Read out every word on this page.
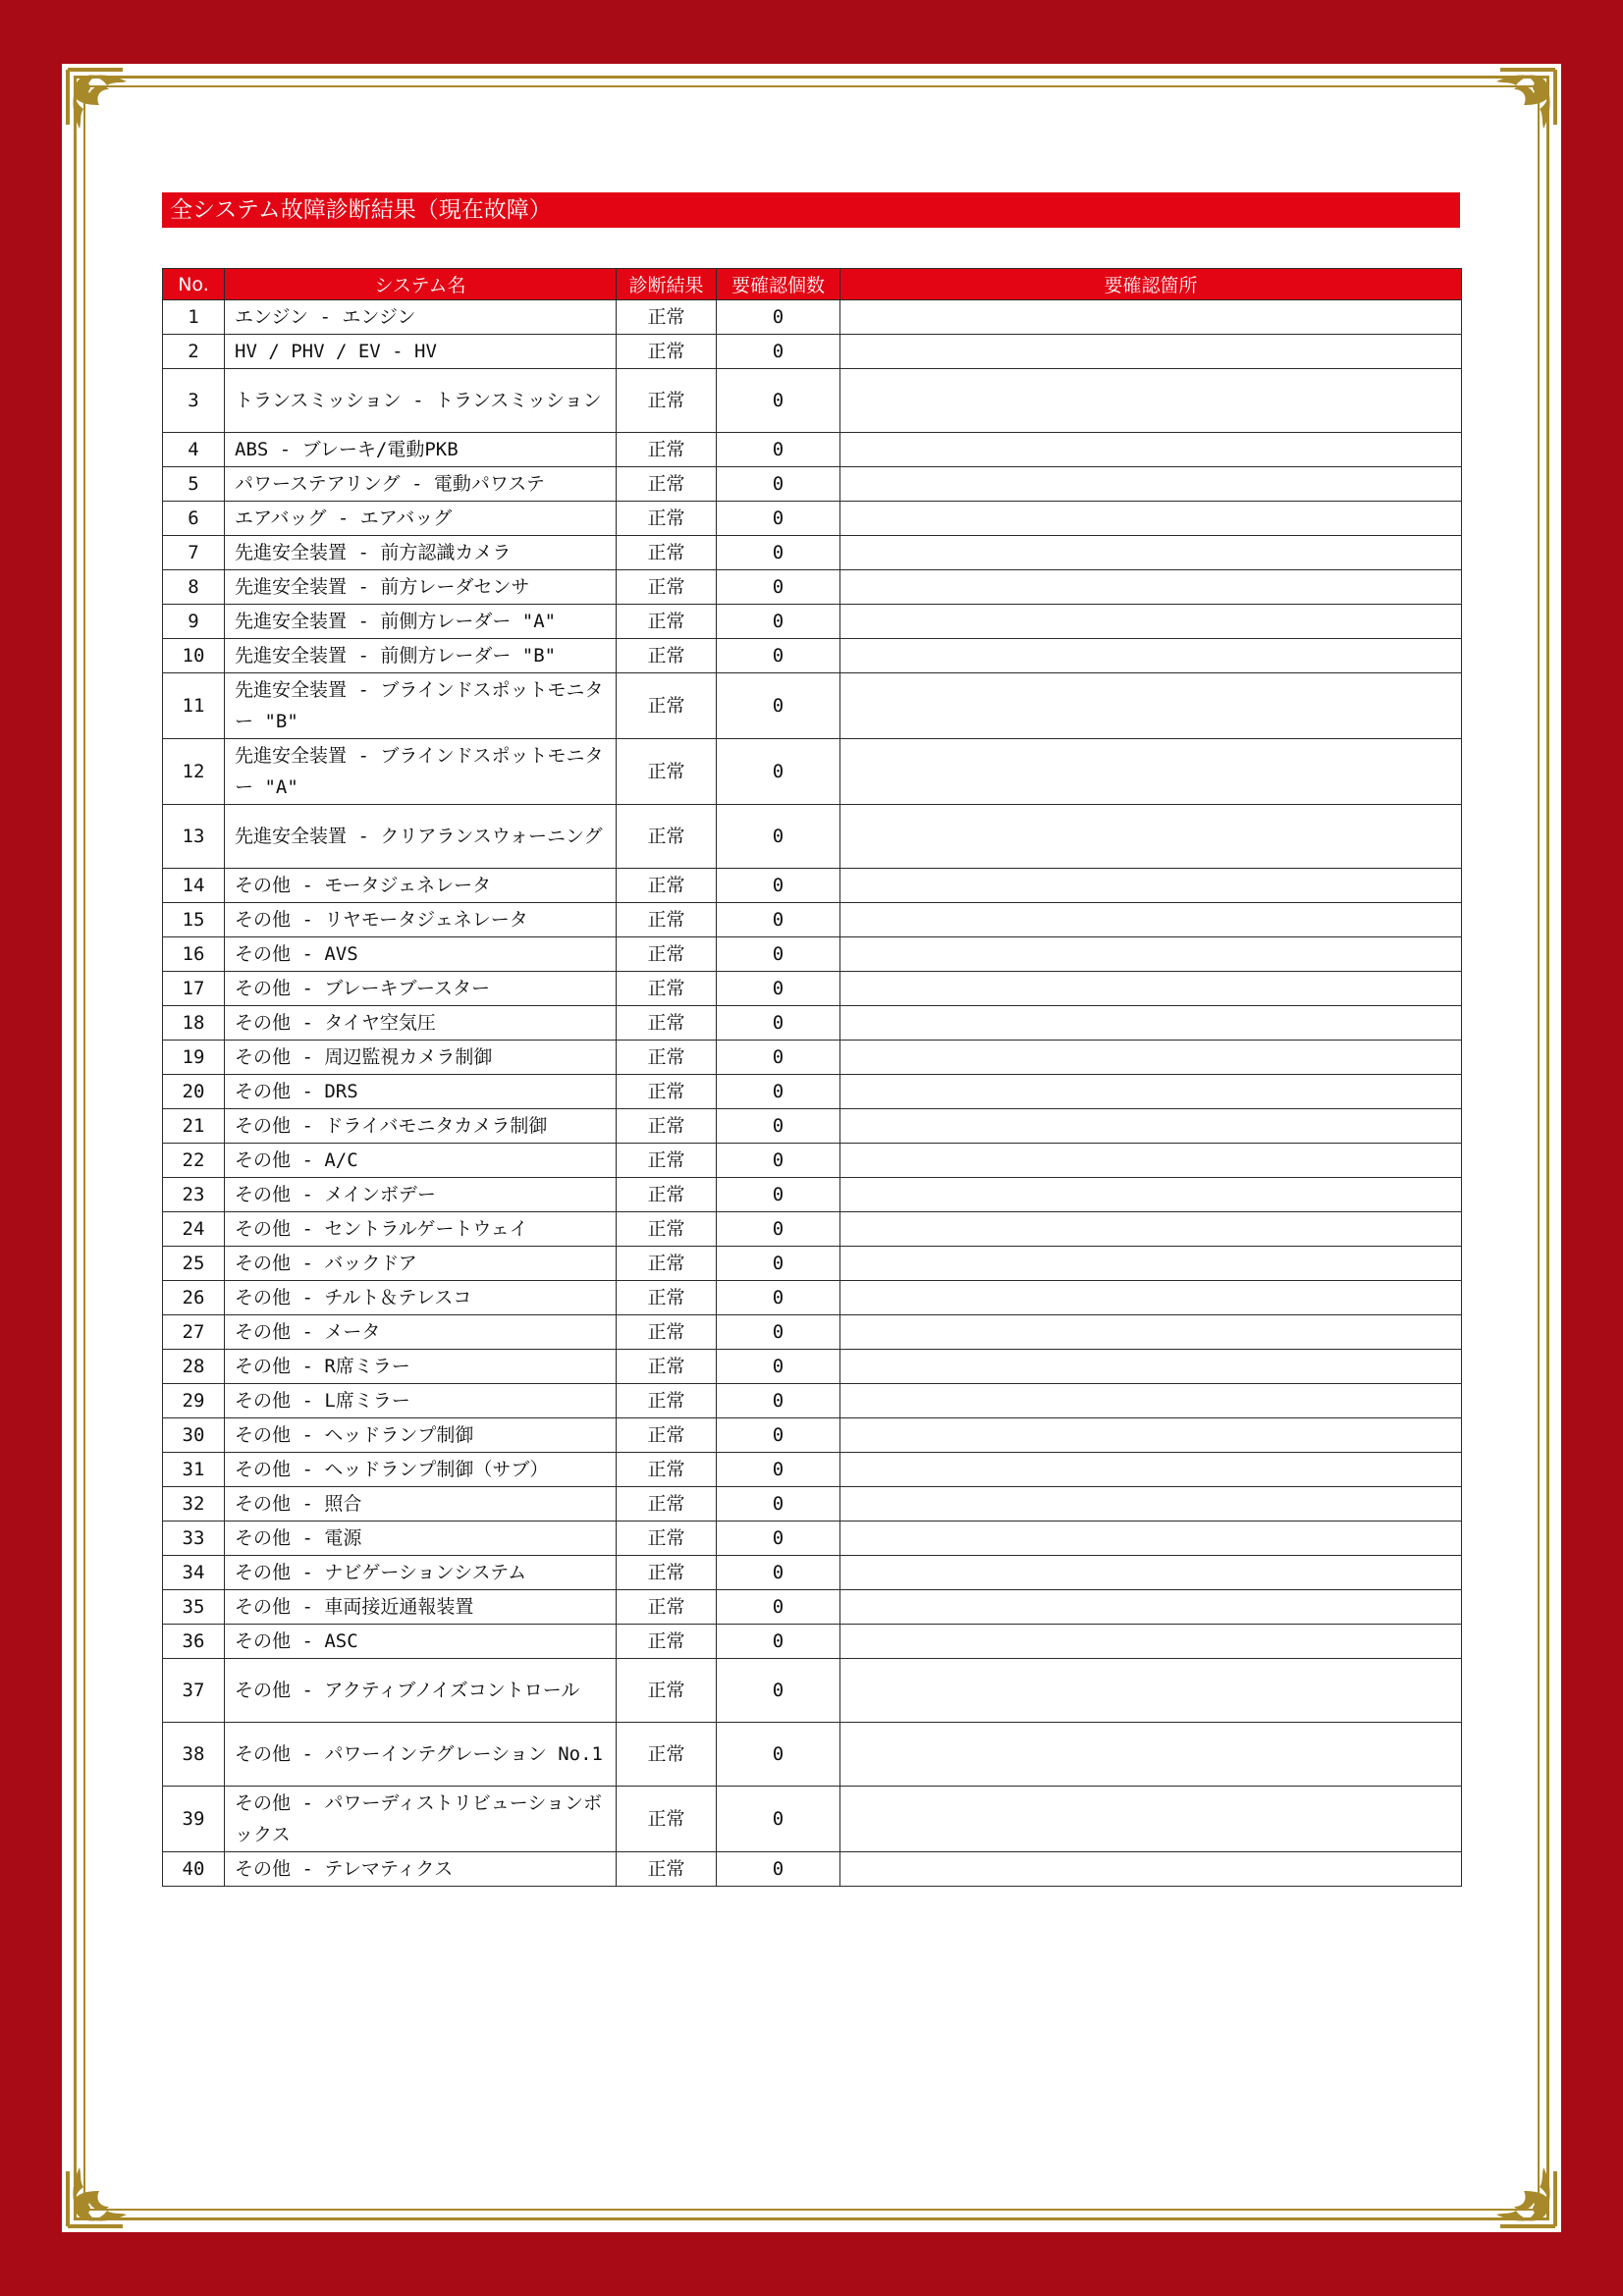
全システム故障診断結果（現在故障）
No.	システム名	診断結果	要確認個数	要確認箇所
1	エンジン - エンジン	正常	0	
2	HV / PHV / EV - HV	正常	0	
3	トランスミッション - トランスミッション	正常	0	
4	ABS - ブレーキ/電動PKB	正常	0	
5	パワーステアリング - 電動パワステ	正常	0	
6	エアバッグ - エアバッグ	正常	0	
7	先進安全装置 - 前方認識カメラ	正常	0	
8	先進安全装置 - 前方レーダセンサ	正常	0	
9	先進安全装置 - 前側方レーダー "A"	正常	0	
10	先進安全装置 - 前側方レーダー "B"	正常	0	
11	先進安全装置 - ブラインドスポットモニター "B"	正常	0	
12	先進安全装置 - ブラインドスポットモニター "A"	正常	0	
13	先進安全装置 - クリアランスウォーニング	正常	0	
14	その他 - モータジェネレータ	正常	0	
15	その他 - リヤモータジェネレータ	正常	0	
16	その他 - AVS	正常	0	
17	その他 - ブレーキブースター	正常	0	
18	その他 - タイヤ空気圧	正常	0	
19	その他 - 周辺監視カメラ制御	正常	0	
20	その他 - DRS	正常	0	
21	その他 - ドライバモニタカメラ制御	正常	0	
22	その他 - A/C	正常	0	
23	その他 - メインボデー	正常	0	
24	その他 - セントラルゲートウェイ	正常	0	
25	その他 - バックドア	正常	0	
26	その他 - チルト＆テレスコ	正常	0	
27	その他 - メータ	正常	0	
28	その他 - R席ミラー	正常	0	
29	その他 - L席ミラー	正常	0	
30	その他 - ヘッドランプ制御	正常	0	
31	その他 - ヘッドランプ制御（サブ）	正常	0	
32	その他 - 照合	正常	0	
33	その他 - 電源	正常	0	
34	その他 - ナビゲーションシステム	正常	0	
35	その他 - 車両接近通報装置	正常	0	
36	その他 - ASC	正常	0	
37	その他 - アクティブノイズコントロール	正常	0	
38	その他 - パワーインテグレーション No.1	正常	0	
39	その他 - パワーディストリビューションボックス	正常	0	
40	その他 - テレマティクス	正常	0	
